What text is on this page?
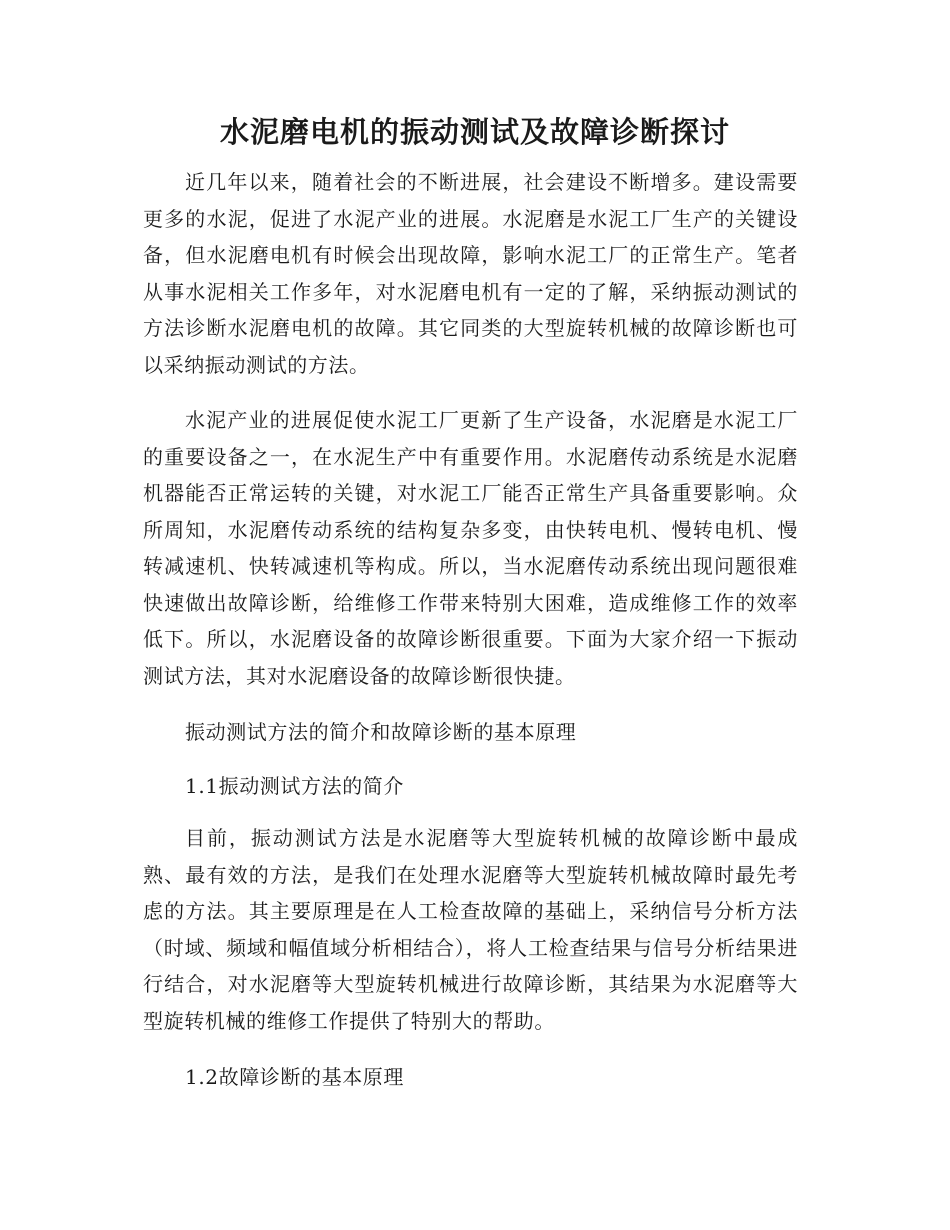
水泥磨电机的振动测试及故障诊断探讨

近几年以来，随着社会的不断进展，社会建设不断增多。建设需要更多的水泥，促进了水泥产业的进展。水泥磨是水泥工厂生产的关键设备，但水泥磨电机有时候会出现故障，影响水泥工厂的正常生产。笔者从事水泥相关工作多年，对水泥磨电机有一定的了解，采纳振动测试的方法诊断水泥磨电机的故障。其它同类的大型旋转机械的故障诊断也可以采纳振动测试的方法。

水泥产业的进展促使水泥工厂更新了生产设备，水泥磨是水泥工厂的重要设备之一，在水泥生产中有重要作用。水泥磨传动系统是水泥磨机器能否正常运转的关键，对水泥工厂能否正常生产具备重要影响。众所周知，水泥磨传动系统的结构复杂多变，由快转电机、慢转电机、慢转减速机、快转减速机等构成。所以，当水泥磨传动系统出现问题很难快速做出故障诊断，给维修工作带来特别大困难，造成维修工作的效率低下。所以，水泥磨设备的故障诊断很重要。下面为大家介绍一下振动测试方法，其对水泥磨设备的故障诊断很快捷。

振动测试方法的简介和故障诊断的基本原理

1.1振动测试方法的简介

目前，振动测试方法是水泥磨等大型旋转机械的故障诊断中最成熟、最有效的方法，是我们在处理水泥磨等大型旋转机械故障时最先考虑的方法。其主要原理是在人工检查故障的基础上，采纳信号分析方法（时域、频域和幅值域分析相结合），将人工检查结果与信号分析结果进行结合，对水泥磨等大型旋转机械进行故障诊断，其结果为水泥磨等大型旋转机械的维修工作提供了特别大的帮助。

1.2故障诊断的基本原理
